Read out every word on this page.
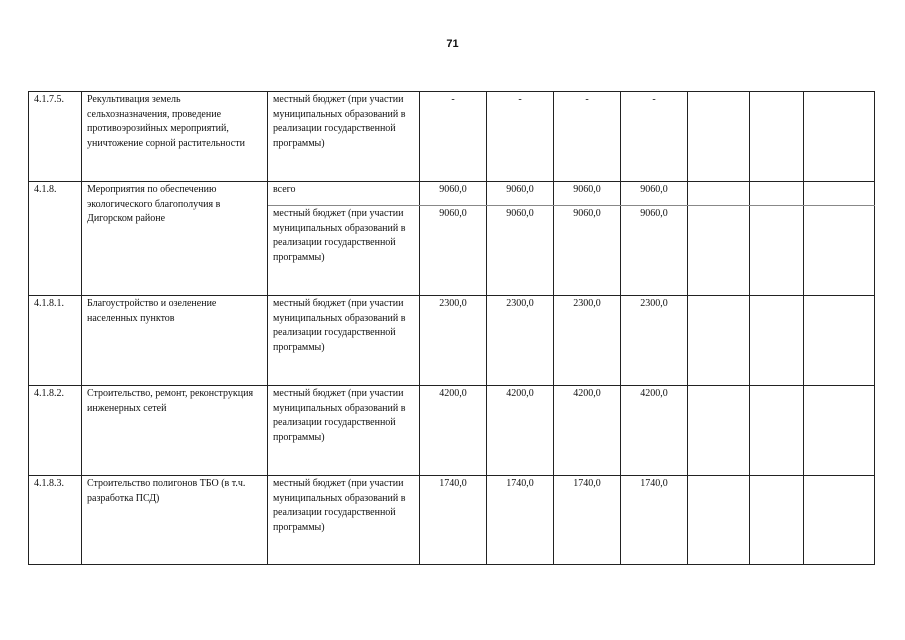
71
4.1.7.5.	Рекультивация земель сельхозназначения, проведение противоэрозийных мероприятий, уничтожение сорной растительности	местный бюджет (при участии муниципальных образований в реализации государственной программы)	-	-	-	-			
4.1.8.	Мероприятия по обеспечению экологического благополучия в Дигорском районе	всего	9060,0	9060,0	9060,0	9060,0			
		местный бюджет (при участии муниципальных образований в реализации государственной программы)	9060,0	9060,0	9060,0	9060,0			
4.1.8.1.	Благоустройство и озеленение населенных пунктов	местный бюджет (при участии муниципальных образований в реализации государственной программы)	2300,0	2300,0	2300,0	2300,0			
4.1.8.2.	Строительство, ремонт, реконструкция инженерных сетей	местный бюджет (при участии муниципальных образований в реализации государственной программы)	4200,0	4200,0	4200,0	4200,0			
4.1.8.3.	Строительство полигонов ТБО (в т.ч. разработка ПСД)	местный бюджет (при участии муниципальных образований в реализации государственной программы)	1740,0	1740,0	1740,0	1740,0			
